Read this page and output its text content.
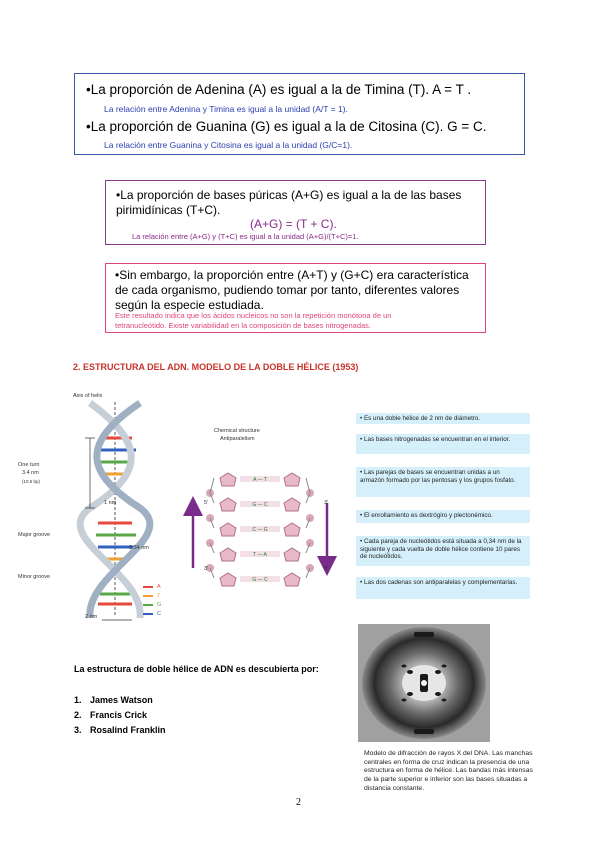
•La proporción de Adenina (A) es igual a la de Timina (T). A = T .
La relación entre Adenina y Timina es igual a la unidad (A/T = 1).
•La proporción de Guanina (G) es igual a la de Citosina (C). G = C.
La relación entre Guanina y Citosina es igual a la unidad (G/C=1).
•La proporción de bases púricas (A+G) es igual a la de las bases
pirimidínicas (T+C).
(A+G) = (T + C).
La relación entre (A+G) y (T+C) es igual a la unidad (A+G)/(T+C)=1.
•Sin embargo, la proporción entre (A+T) y (G+C) era característica
de cada organismo, pudiendo tomar por tanto, diferentes valores
según la especie estudiada.
Este resultado indica que los ácidos nucleicos no son la repetición monótona de un
tetranucleótido. Existe variabilidad en la composición de bases nitrogenadas.
2. ESTRUCTURA DEL ADN. MODELO DE LA DOBLE HÉLICE (1953)
Axis of helix
One turn
3.4 nm
(10.5 bp)
1 nm
Major groove
0.34 nm
Minor groove
2 nm
A
T
G
C
Chemical structure
Antiparalelism
A — T
G — C
C — G
T — A
G — C
5'	3'
3'	5'
• Es una doble hélice de 2 nm de diámetro.
• Las bases nitrogenadas se encuentran en el interior.
• Las parejas de bases se encuentran unidas a un armazón formado por las pentosas y los grupos fosfato.
• El enrollamiento es dextrógiro y plectonémico.
• Cada pareja de nucleótidos está situada a 0,34 nm de la siguiente y cada vuelta de doble hélice contiene 10 pares de nucleótidos.
• Las dos cadenas son antiparalelas y complementarias.
La estructura de doble hélice de ADN es descubierta por:
1. James Watson
2. Francis Crick
3. Rosalind Franklin
Modelo de difracción de rayos X del DNA. Las manchas centrales en forma de cruz indican la presencia de una estructura en forma de hélice. Las bandas más intensas de la parte superior e inferior son las bases situadas a distancia constante.
2
